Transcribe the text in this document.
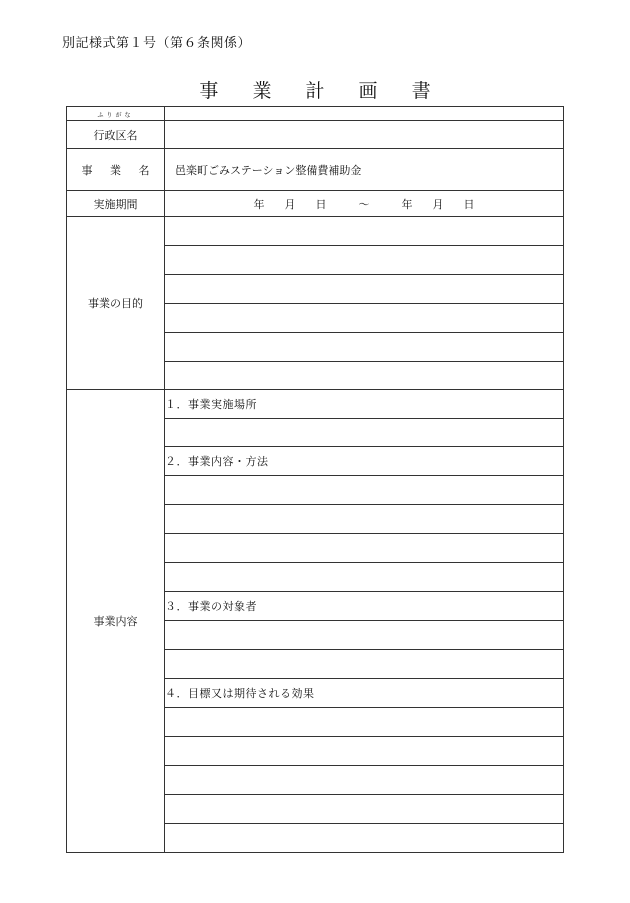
別記様式第１号（第６条関係）
事 業 計 画 書
ふりがな	
行政区名	
事 業 名	邑楽町ごみステーション整備費補助金
実施期間	年 月 日 ～ 年 月 日
事業の目的	

事業内容	１．事業実施場所

	２．事業内容・方法

	３．事業の対象者

	４．目標又は期待される効果
